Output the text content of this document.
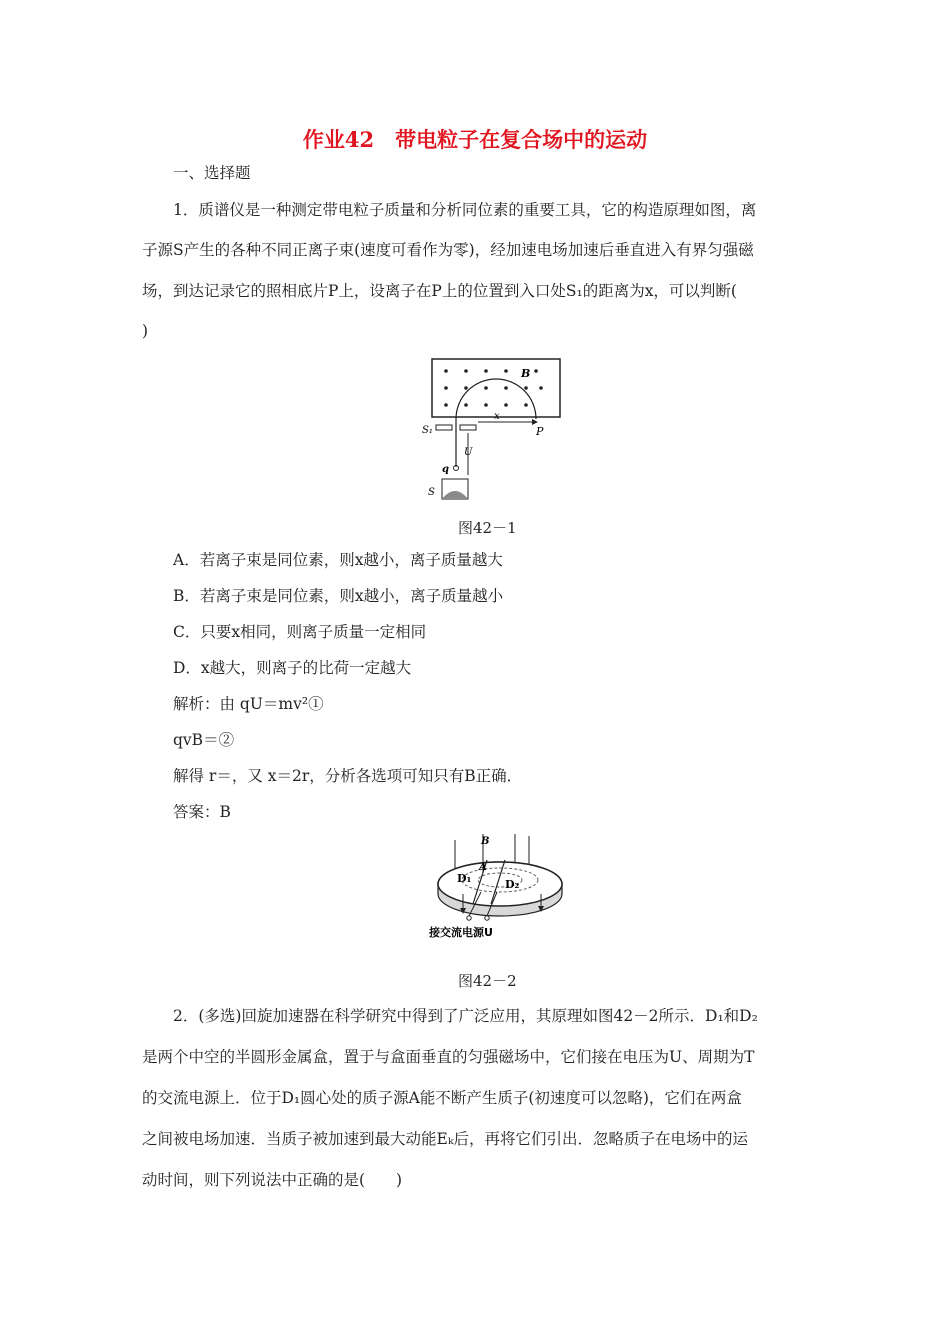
作业42　带电粒子在复合场中的运动
一、选择题
1．质谱仪是一种测定带电粒子质量和分析同位素的重要工具，它的构造原理如图，离
子源S产生的各种不同正离子束(速度可看作为零)，经加速电场加速后垂直进入有界匀强磁
场，到达记录它的照相底片P上，设离子在P上的位置到入口处S₁的距离为x，可以判断(
)
B
S₁
x
P
U
q
S
图42－1
A．若离子束是同位素，则x越小，离子质量越大
B．若离子束是同位素，则x越小，离子质量越小
C．只要x相同，则离子质量一定相同
D．x越大，则离子的比荷一定越大
解析：由 qU＝mv²①
qvB＝②
解得 r＝，又 x＝2r，分析各选项可知只有B正确．
答案：B
B
A
D₁	D₂
接交流电源U
图42－2
2．(多选)回旋加速器在科学研究中得到了广泛应用，其原理如图42－2所示．D₁和D₂
是两个中空的半圆形金属盒，置于与盒面垂直的匀强磁场中，它们接在电压为U、周期为T
的交流电源上．位于D₁圆心处的质子源A能不断产生质子(初速度可以忽略)，它们在两盒
之间被电场加速．当质子被加速到最大动能Eₖ后，再将它们引出．忽略质子在电场中的运
动时间，则下列说法中正确的是(　　)
